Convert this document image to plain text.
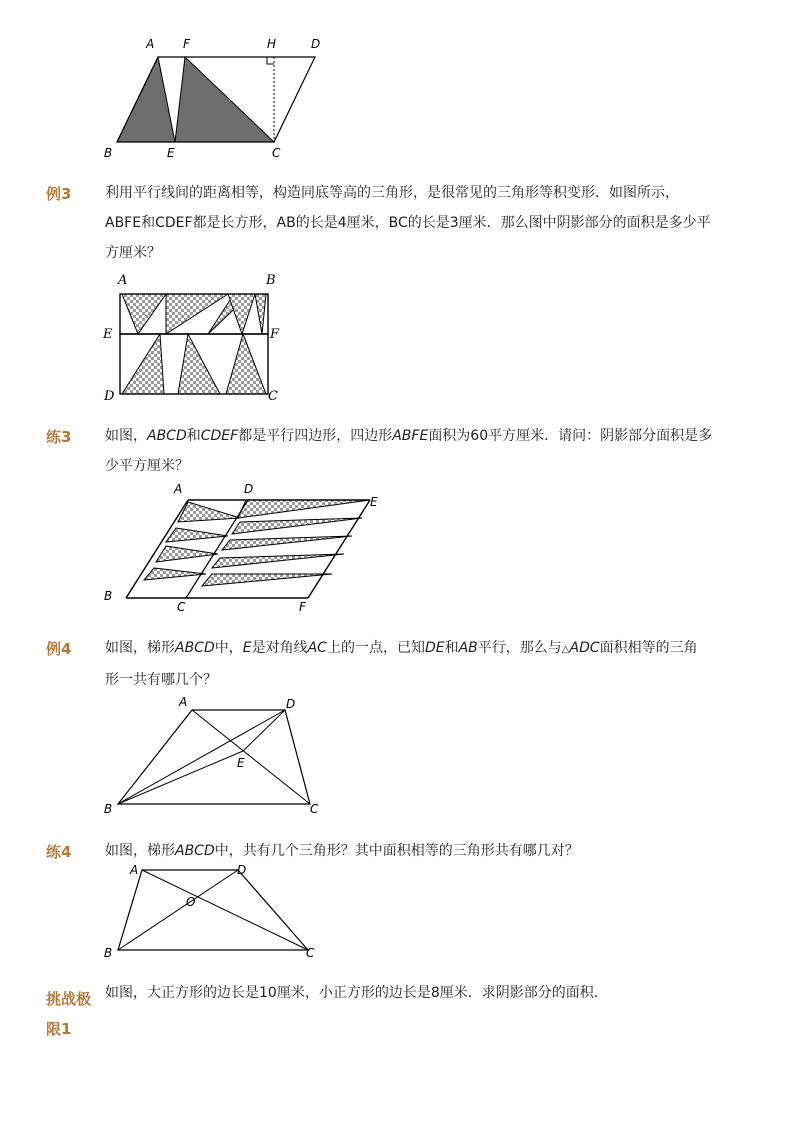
A F	H	D
B	E	C
例3 利用平行线间的距离相等，构造同底等高的三角形，是很常见的三角形等积变形．如图所示，
ABFE和CDEF都是长方形，AB的长是4厘米，BC的长是3厘米．那么图中阴影部分的面积是多少平
方厘米？
A	B
E	F
D	C
练3 如图，ABCD和CDEF都是平行四边形，四边形ABFE面积为60平方厘米．请问：阴影部分面积是多
少平方厘米？
A	D
E
B
C	F
例4 如图，梯形ABCD中，E是对角线AC上的一点，已知DE和AB平行，那么与△ADC面积相等的三角
形一共有哪几个？
A	D
E
B	C
练4 如图，梯形ABCD中，共有几个三角形？其中面积相等的三角形共有哪几对？
A	D
O
B	C
挑战极
限1
如图，大正方形的边长是10厘米，小正方形的边长是8厘米．求阴影部分的面积．
